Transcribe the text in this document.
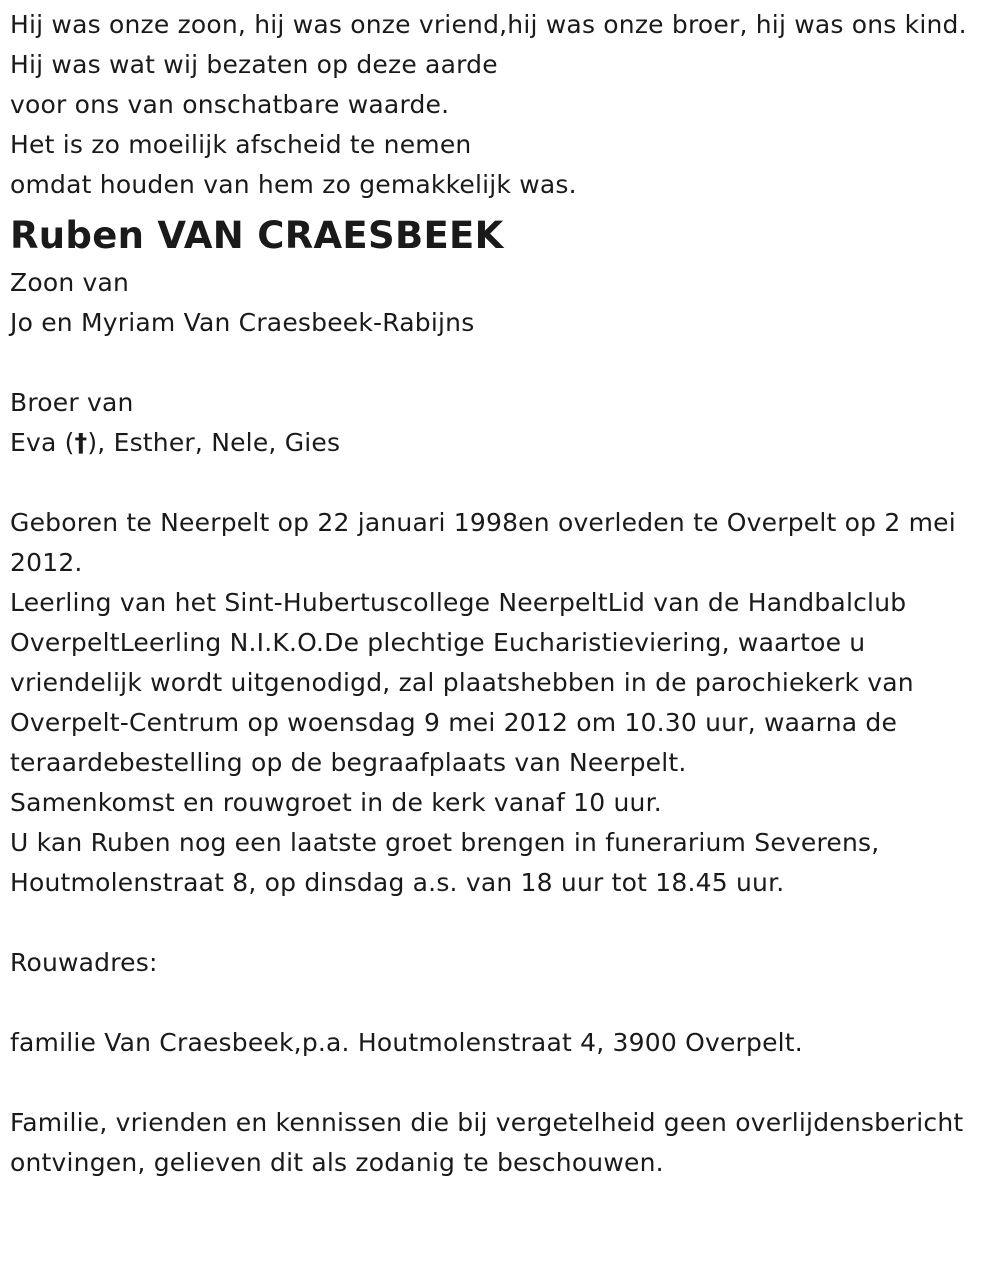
Hij was onze zoon, hij was onze vriend,hij was onze broer, hij was ons kind.

Hij was wat wij bezaten op deze aarde

voor ons van onschatbare waarde.

Het is zo moeilijk afscheid te nemen

omdat houden van hem zo gemakkelijk was.

Ruben VAN CRAESBEEK

Zoon van

Jo en Myriam Van Craesbeek-Rabijns

Broer van

Eva (†), Esther, Nele, Gies

Geboren te Neerpelt op 22 januari 1998en overleden te Overpelt op 2 mei 2012.

Leerling van het Sint-Hubertuscollege NeerpeltLid van de Handbalclub OverpeltLeerling N.I.K.O.De plechtige Eucharistieviering, waartoe u vriendelijk wordt uitgenodigd, zal plaatshebben in de parochiekerk van Overpelt-Centrum op woensdag 9 mei 2012 om 10.30 uur, waarna de teraardebestelling op de begraafplaats van Neerpelt.

Samenkomst en rouwgroet in de kerk vanaf 10 uur.

U kan Ruben nog een laatste groet brengen in funerarium Severens, Houtmolenstraat 8, op dinsdag a.s. van 18 uur tot 18.45 uur.

Rouwadres:

familie Van Craesbeek,p.a. Houtmolenstraat 4, 3900 Overpelt.

Familie, vrienden en kennissen die bij vergetelheid geen overlijdensbericht ontvingen, gelieven dit als zodanig te beschouwen.
